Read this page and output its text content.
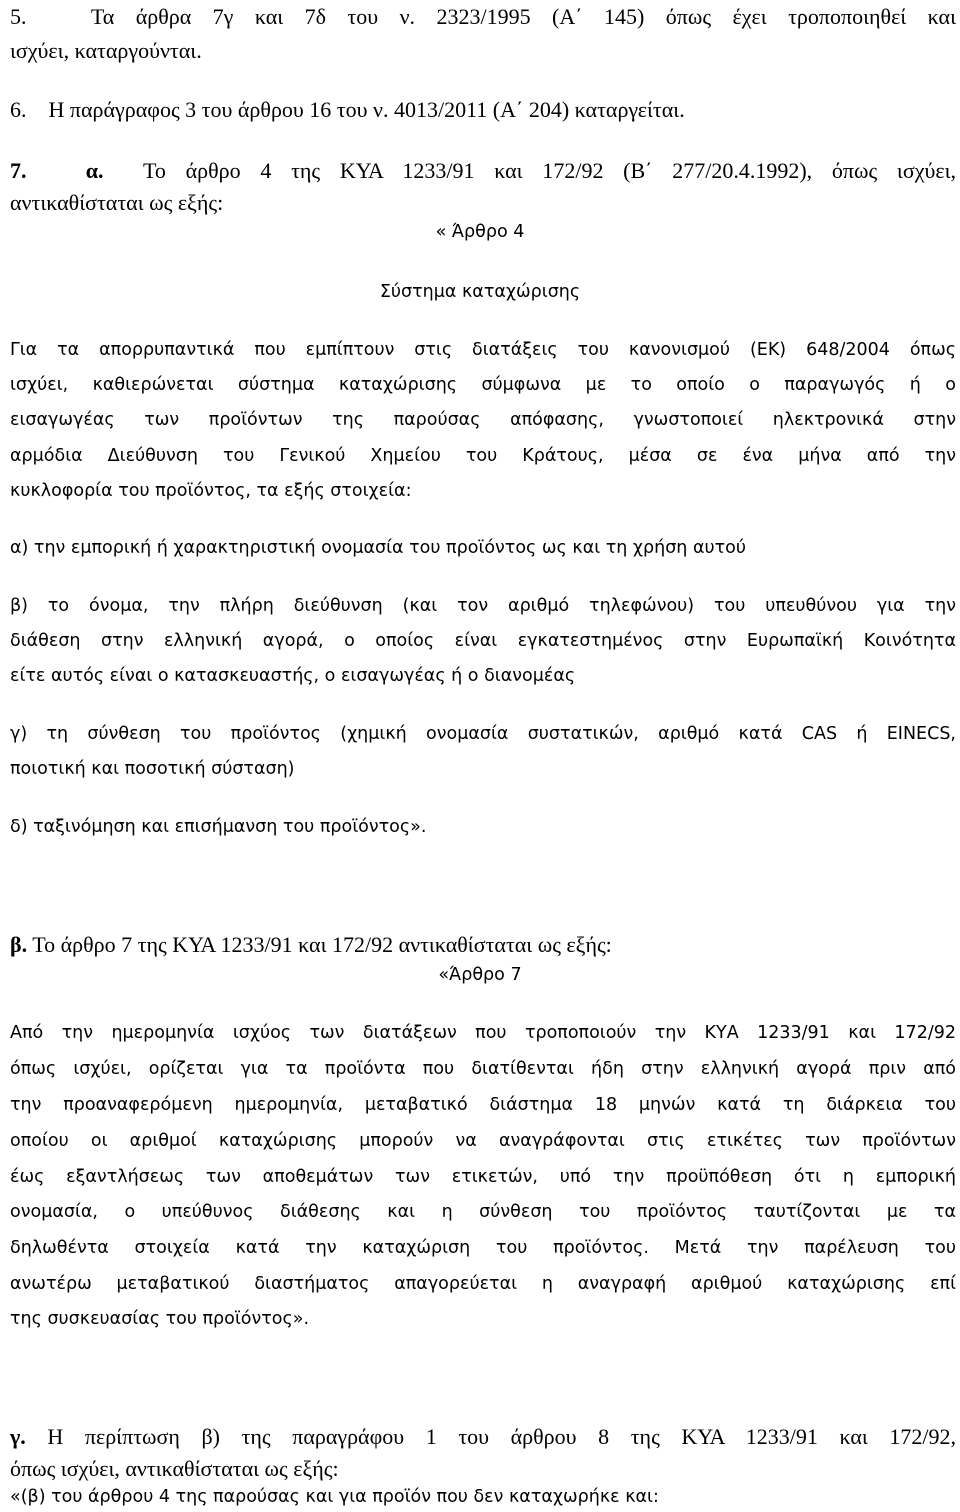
5.	Τα άρθρα 7γ και 7δ του ν. 2323/1995 (Α΄ 145) όπως έχει τροποποιηθεί και
ισχύει, καταργούνται.
6. Η παράγραφος 3 του άρθρου 16 του ν. 4013/2011 (Α΄ 204) καταργείται.
7.	α. Το άρθρο 4 της ΚΥΑ 1233/91 και 172/92 (Β΄ 277/20.4.1992), όπως ισχύει,
αντικαθίσταται ως εξής:
« Άρθρο 4
Σύστημα καταχώρισης
Για τα απορρυπαντικά που εμπίπτουν στις διατάξεις του κανονισμού (ΕΚ) 648/2004 όπως
ισχύει, καθιερώνεται σύστημα καταχώρισης σύμφωνα με το οποίο ο παραγωγός ή ο
εισαγωγέας των προϊόντων της παρούσας απόφασης, γνωστοποιεί ηλεκτρονικά στην
αρμόδια Διεύθυνση του Γενικού Χημείου του Κράτους, μέσα σε ένα μήνα από την
κυκλοφορία του προϊόντος, τα εξής στοιχεία:
α) την εμπορική ή χαρακτηριστική ονομασία του προϊόντος ως και τη χρήση αυτού
β) το όνομα, την πλήρη διεύθυνση (και τον αριθμό τηλεφώνου) του υπευθύνου για την
διάθεση στην ελληνική αγορά, ο οποίος είναι εγκατεστημένος στην Ευρωπαϊκή Κοινότητα
είτε αυτός είναι ο κατασκευαστής, ο εισαγωγέας ή ο διανομέας
γ) τη σύνθεση του προϊόντος (χημική ονομασία συστατικών, αριθμό κατά CAS ή EINECS,
ποιοτική και ποσοτική σύσταση)
δ) ταξινόμηση και επισήμανση του προϊόντος».
β. Το άρθρο 7 της ΚΥΑ 1233/91 και 172/92 αντικαθίσταται ως εξής:
«Άρθρο 7
Από την ημερομηνία ισχύος των διατάξεων που τροποποιούν την ΚΥΑ 1233/91 και 172/92
όπως ισχύει, ορίζεται για τα προϊόντα που διατίθενται ήδη στην ελληνική αγορά πριν από
την προαναφερόμενη ημερομηνία, μεταβατικό διάστημα 18 μηνών κατά τη διάρκεια του
οποίου οι αριθμοί καταχώρισης μπορούν να αναγράφονται στις ετικέτες των προϊόντων
έως εξαντλήσεως των αποθεμάτων των ετικετών, υπό την προϋπόθεση ότι η εμπορική
ονομασία, ο υπεύθυνος διάθεσης και η σύνθεση του προϊόντος ταυτίζονται με τα
δηλωθέντα στοιχεία κατά την καταχώριση του προϊόντος. Μετά την παρέλευση του
ανωτέρω μεταβατικού διαστήματος απαγορεύεται η αναγραφή αριθμού καταχώρισης επί
της συσκευασίας του προϊόντος».
γ. Η περίπτωση β) της παραγράφου 1 του άρθρου 8 της ΚΥΑ 1233/91 και 172/92,
όπως ισχύει, αντικαθίσταται ως εξής:
«(β) του άρθρου 4 της παρούσας και για προϊόν που δεν καταχωρήκε και:
